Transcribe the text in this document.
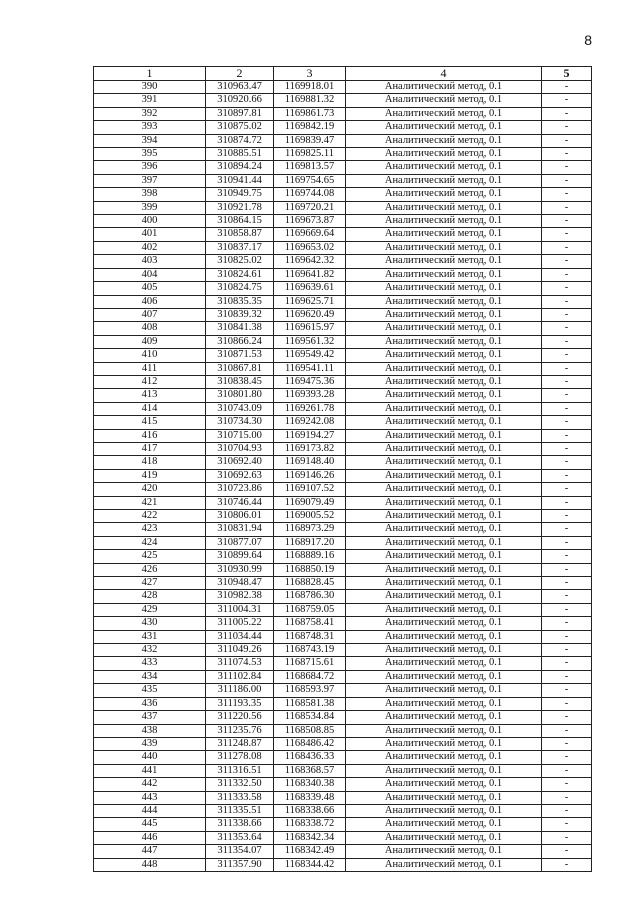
8
1	2	3	4	5
390	310963.47	1169918.01	Аналитический метод, 0.1	-
391	310920.66	1169881.32	Аналитический метод, 0.1	-
392	310897.81	1169861.73	Аналитический метод, 0.1	-
393	310875.02	1169842.19	Аналитический метод, 0.1	-
394	310874.72	1169839.47	Аналитический метод, 0.1	-
395	310885.51	1169825.11	Аналитический метод, 0.1	-
396	310894.24	1169813.57	Аналитический метод, 0.1	-
397	310941.44	1169754.65	Аналитический метод, 0.1	-
398	310949.75	1169744.08	Аналитический метод, 0.1	-
399	310921.78	1169720.21	Аналитический метод, 0.1	-
400	310864.15	1169673.87	Аналитический метод, 0.1	-
401	310858.87	1169669.64	Аналитический метод, 0.1	-
402	310837.17	1169653.02	Аналитический метод, 0.1	-
403	310825.02	1169642.32	Аналитический метод, 0.1	-
404	310824.61	1169641.82	Аналитический метод, 0.1	-
405	310824.75	1169639.61	Аналитический метод, 0.1	-
406	310835.35	1169625.71	Аналитический метод, 0.1	-
407	310839.32	1169620.49	Аналитический метод, 0.1	-
408	310841.38	1169615.97	Аналитический метод, 0.1	-
409	310866.24	1169561.32	Аналитический метод, 0.1	-
410	310871.53	1169549.42	Аналитический метод, 0.1	-
411	310867.81	1169541.11	Аналитический метод, 0.1	-
412	310838.45	1169475.36	Аналитический метод, 0.1	-
413	310801.80	1169393.28	Аналитический метод, 0.1	-
414	310743.09	1169261.78	Аналитический метод, 0.1	-
415	310734.30	1169242.08	Аналитический метод, 0.1	-
416	310715.00	1169194.27	Аналитический метод, 0.1	-
417	310704.93	1169173.82	Аналитический метод, 0.1	-
418	310692.40	1169148.40	Аналитический метод, 0.1	-
419	310692.63	1169146.26	Аналитический метод, 0.1	-
420	310723.86	1169107.52	Аналитический метод, 0.1	-
421	310746.44	1169079.49	Аналитический метод, 0.1	-
422	310806.01	1169005.52	Аналитический метод, 0.1	-
423	310831.94	1168973.29	Аналитический метод, 0.1	-
424	310877.07	1168917.20	Аналитический метод, 0.1	-
425	310899.64	1168889.16	Аналитический метод, 0.1	-
426	310930.99	1168850.19	Аналитический метод, 0.1	-
427	310948.47	1168828.45	Аналитический метод, 0.1	-
428	310982.38	1168786.30	Аналитический метод, 0.1	-
429	311004.31	1168759.05	Аналитический метод, 0.1	-
430	311005.22	1168758.41	Аналитический метод, 0.1	-
431	311034.44	1168748.31	Аналитический метод, 0.1	-
432	311049.26	1168743.19	Аналитический метод, 0.1	-
433	311074.53	1168715.61	Аналитический метод, 0.1	-
434	311102.84	1168684.72	Аналитический метод, 0.1	-
435	311186.00	1168593.97	Аналитический метод, 0.1	-
436	311193.35	1168581.38	Аналитический метод, 0.1	-
437	311220.56	1168534.84	Аналитический метод, 0.1	-
438	311235.76	1168508.85	Аналитический метод, 0.1	-
439	311248.87	1168486.42	Аналитический метод, 0.1	-
440	311278.08	1168436.33	Аналитический метод, 0.1	-
441	311316.51	1168368.57	Аналитический метод, 0.1	-
442	311332.50	1168340.38	Аналитический метод, 0.1	-
443	311333.58	1168339.48	Аналитический метод, 0.1	-
444	311335.51	1168338.66	Аналитический метод, 0.1	-
445	311338.66	1168338.72	Аналитический метод, 0.1	-
446	311353.64	1168342.34	Аналитический метод, 0.1	-
447	311354.07	1168342.49	Аналитический метод, 0.1	-
448	311357.90	1168344.42	Аналитический метод, 0.1	-
